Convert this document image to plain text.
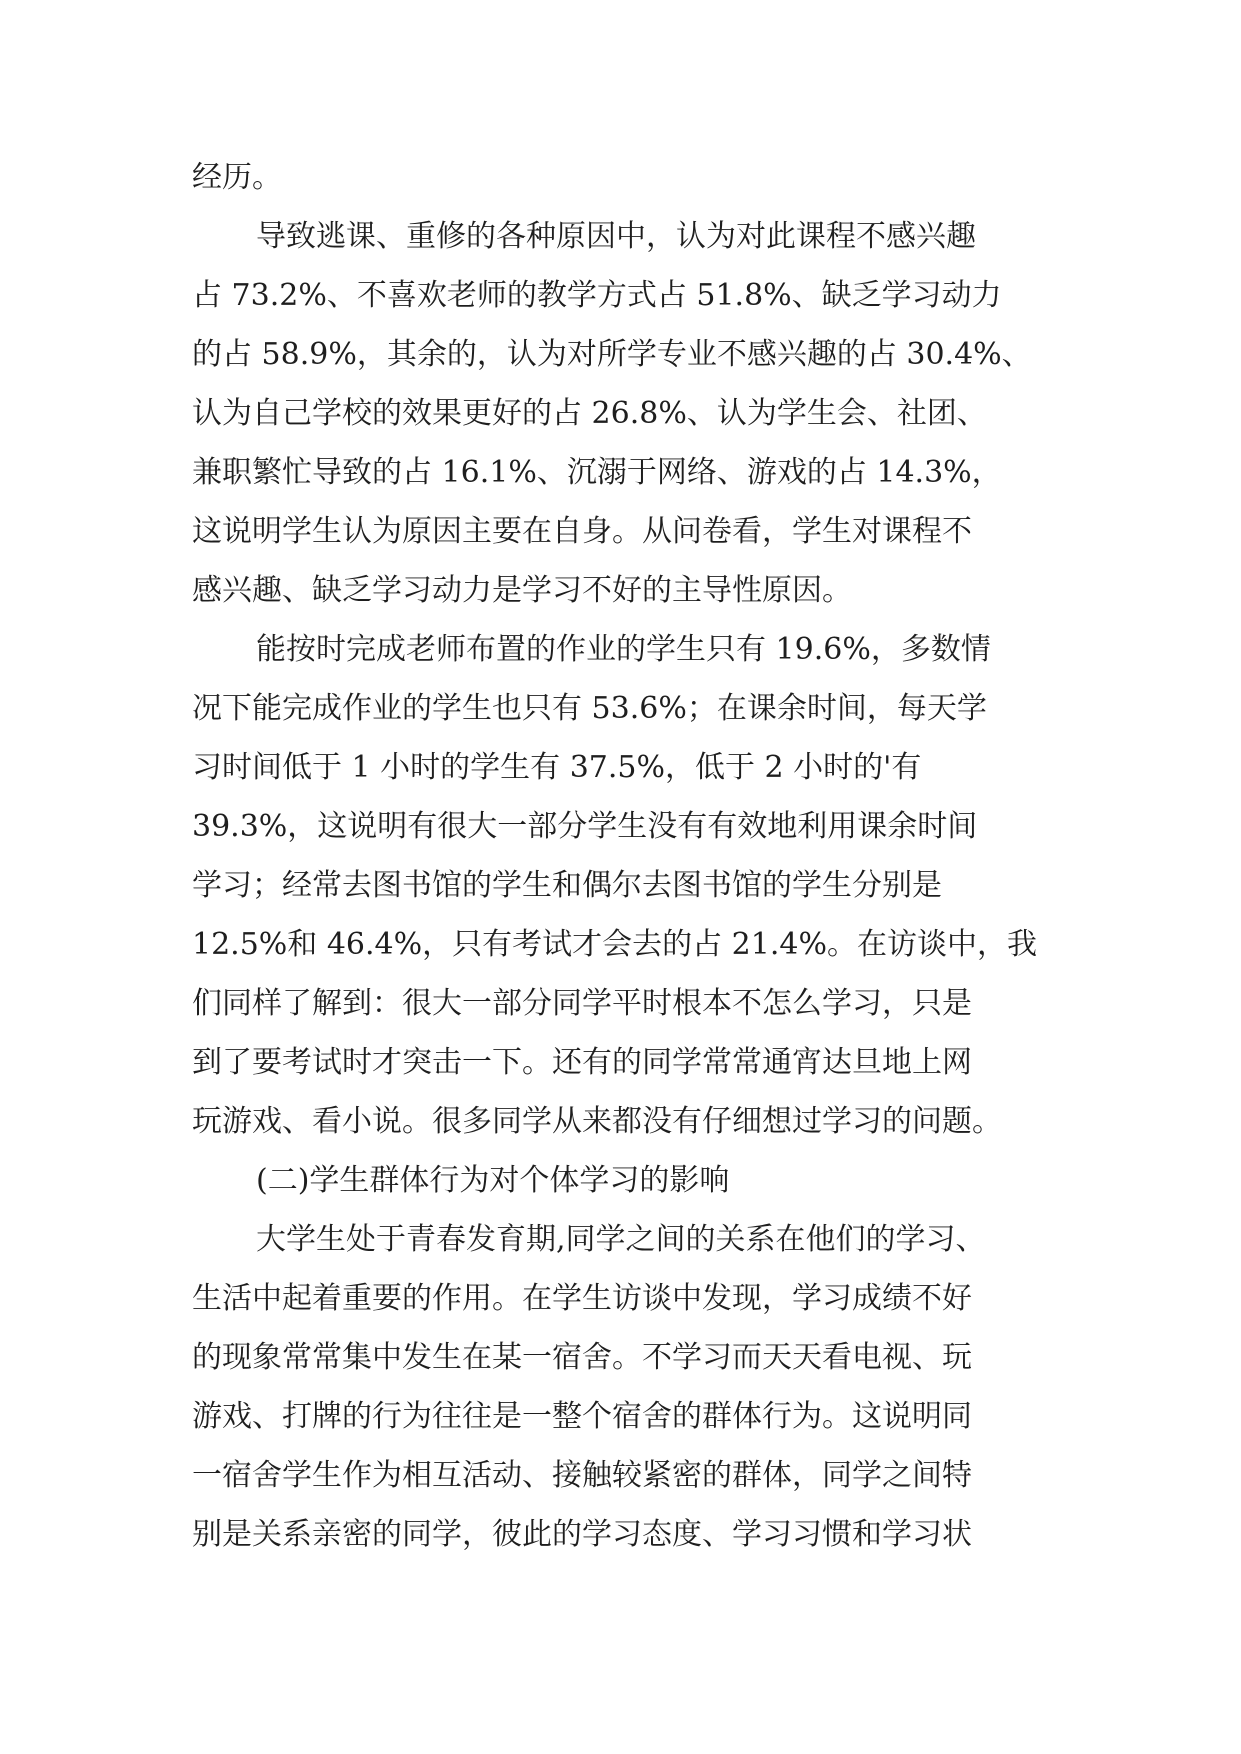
经历。
导致逃课、重修的各种原因中，认为对此课程不感兴趣
占 73.2%、不喜欢老师的教学方式占 51.8%、缺乏学习动力
的占 58.9%，其余的，认为对所学专业不感兴趣的占 30.4%、
认为自己学校的效果更好的占 26.8%、认为学生会、社团、
兼职繁忙导致的占 16.1%、沉溺于网络、游戏的占 14.3%，
这说明学生认为原因主要在自身。从问卷看，学生对课程不
感兴趣、缺乏学习动力是学习不好的主导性原因。
能按时完成老师布置的作业的学生只有 19.6%，多数情
况下能完成作业的学生也只有 53.6%；在课余时间，每天学
习时间低于 1 小时的学生有 37.5%，低于 2 小时的'有
39.3%，这说明有很大一部分学生没有有效地利用课余时间
学习；经常去图书馆的学生和偶尔去图书馆的学生分别是
12.5%和 46.4%，只有考试才会去的占 21.4%。在访谈中，我
们同样了解到：很大一部分同学平时根本不怎么学习，只是
到了要考试时才突击一下。还有的同学常常通宵达旦地上网
玩游戏、看小说。很多同学从来都没有仔细想过学习的问题。
(二)学生群体行为对个体学习的影响
大学生处于青春发育期,同学之间的关系在他们的学习、
生活中起着重要的作用。在学生访谈中发现，学习成绩不好
的现象常常集中发生在某一宿舍。不学习而天天看电视、玩
游戏、打牌的行为往往是一整个宿舍的群体行为。这说明同
一宿舍学生作为相互活动、接触较紧密的群体，同学之间特
别是关系亲密的同学，彼此的学习态度、学习习惯和学习状
